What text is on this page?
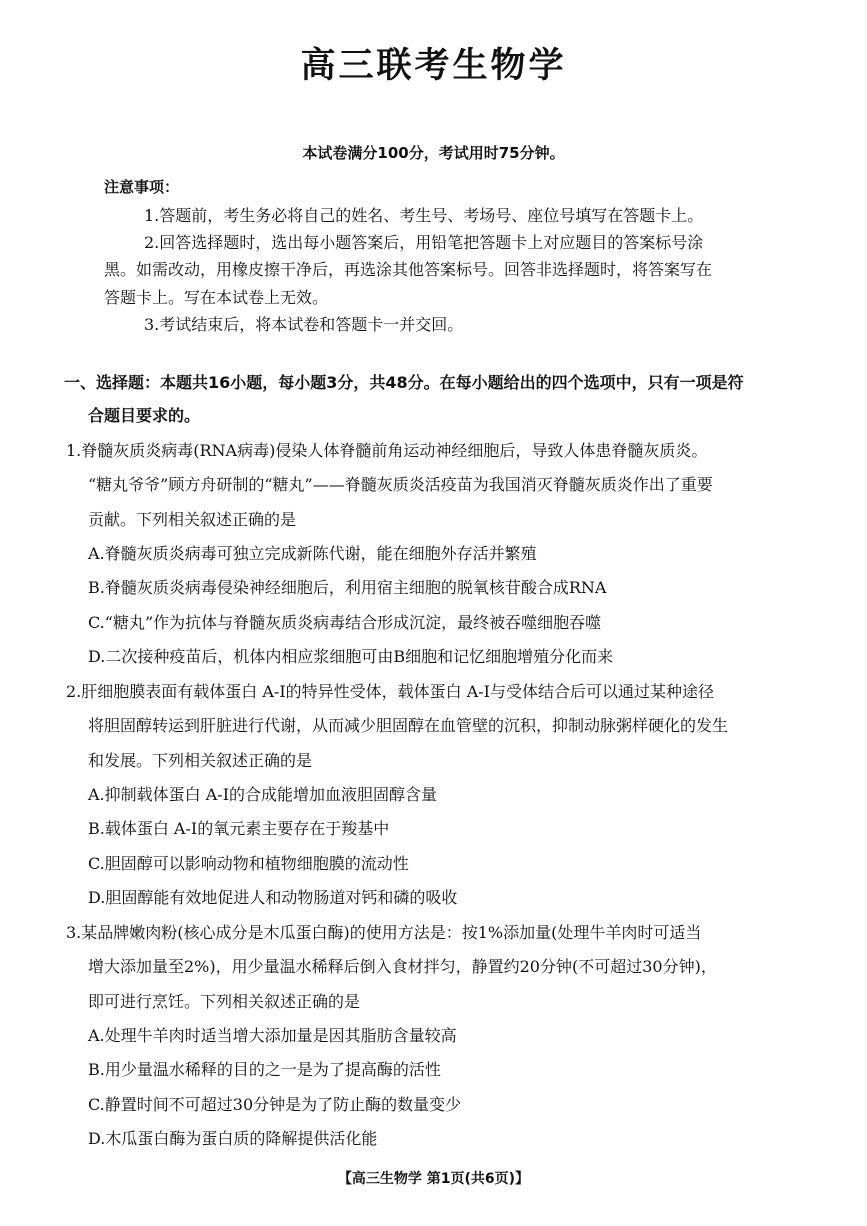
高三联考生物学
本试卷满分100分，考试用时75分钟。
注意事项：
1.答题前，考生务必将自己的姓名、考生号、考场号、座位号填写在答题卡上。
2.回答选择题时，选出每小题答案后，用铅笔把答题卡上对应题目的答案标号涂
黑。如需改动，用橡皮擦干净后，再选涂其他答案标号。回答非选择题时，将答案写在
答题卡上。写在本试卷上无效。
3.考试结束后，将本试卷和答题卡一并交回。
一、选择题：本题共16小题，每小题3分，共48分。在每小题给出的四个选项中，只有一项是符
合题目要求的。
1.脊髓灰质炎病毒(RNA病毒)侵染人体脊髓前角运动神经细胞后，导致人体患脊髓灰质炎。
“糖丸爷爷”顾方舟研制的“糖丸”——脊髓灰质炎活疫苗为我国消灭脊髓灰质炎作出了重要
贡献。下列相关叙述正确的是
A.脊髓灰质炎病毒可独立完成新陈代谢，能在细胞外存活并繁殖
B.脊髓灰质炎病毒侵染神经细胞后，利用宿主细胞的脱氧核苷酸合成RNA
C.“糖丸”作为抗体与脊髓灰质炎病毒结合形成沉淀，最终被吞噬细胞吞噬
D.二次接种疫苗后，机体内相应浆细胞可由B细胞和记忆细胞增殖分化而来
2.肝细胞膜表面有载体蛋白 A-I的特异性受体，载体蛋白 A-I与受体结合后可以通过某种途径
将胆固醇转运到肝脏进行代谢，从而减少胆固醇在血管壁的沉积，抑制动脉粥样硬化的发生
和发展。下列相关叙述正确的是
A.抑制载体蛋白 A-I的合成能增加血液胆固醇含量
B.载体蛋白 A-I的氧元素主要存在于羧基中
C.胆固醇可以影响动物和植物细胞膜的流动性
D.胆固醇能有效地促进人和动物肠道对钙和磷的吸收
3.某品牌嫩肉粉(核心成分是木瓜蛋白酶)的使用方法是：按1%添加量(处理牛羊肉时可适当
增大添加量至2%)，用少量温水稀释后倒入食材拌匀，静置约20分钟(不可超过30分钟)，
即可进行烹饪。下列相关叙述正确的是
A.处理牛羊肉时适当增大添加量是因其脂肪含量较高
B.用少量温水稀释的目的之一是为了提高酶的活性
C.静置时间不可超过30分钟是为了防止酶的数量变少
D.木瓜蛋白酶为蛋白质的降解提供活化能
【高三生物学 第1页(共6页)】
